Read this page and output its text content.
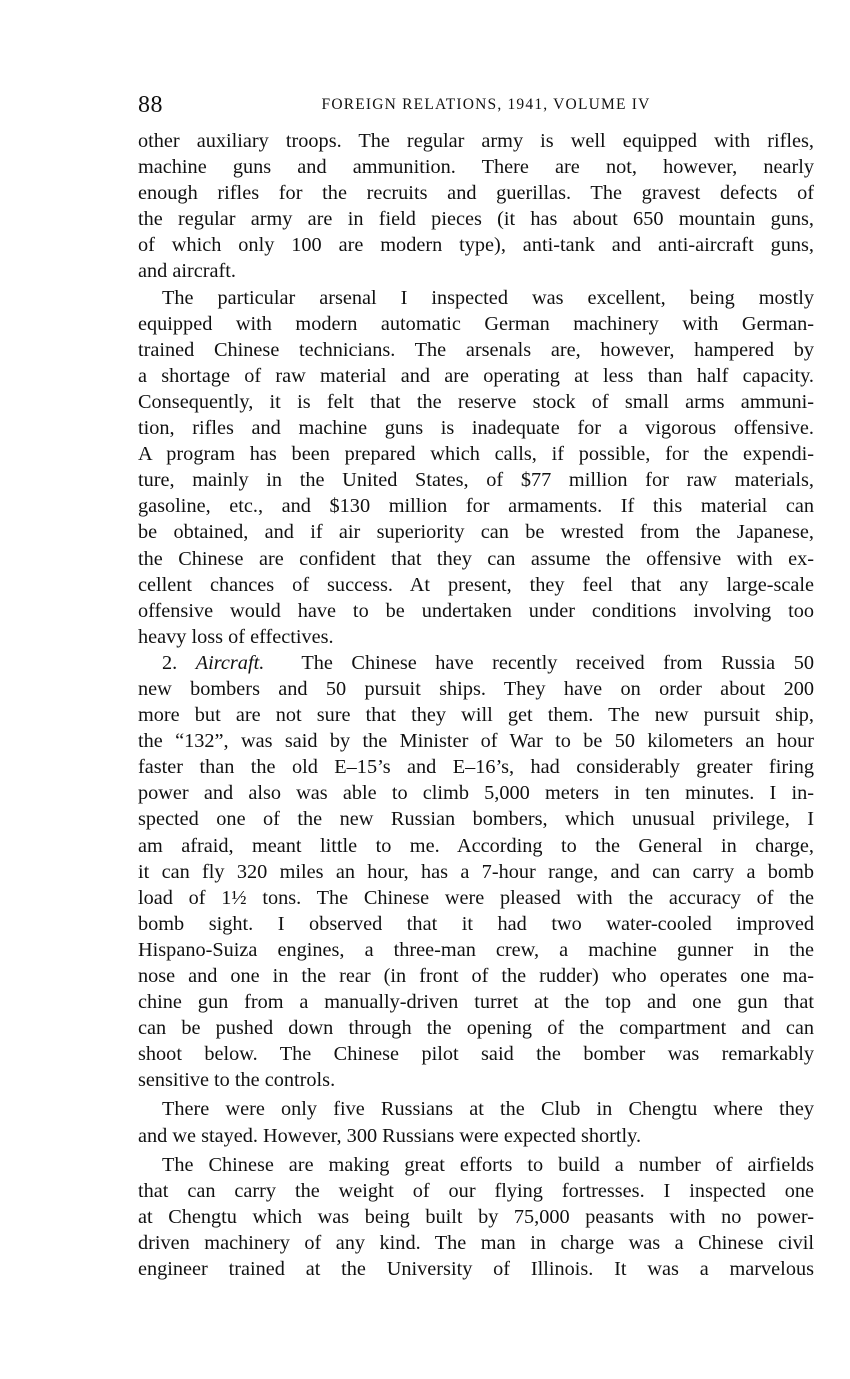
88	FOREIGN RELATIONS, 1941, VOLUME IV

other auxiliary troops. The regular army is well equipped with rifles,
machine guns and ammunition. There are not, however, nearly
enough rifles for the recruits and guerillas. The gravest defects of
the regular army are in field pieces (it has about 650 mountain guns,
of which only 100 are modern type), anti-tank and anti-aircraft guns,
and aircraft.

The particular arsenal I inspected was excellent, being mostly
equipped with modern automatic German machinery with German-
trained Chinese technicians. The arsenals are, however, hampered by
a shortage of raw material and are operating at less than half capacity.
Consequently, it is felt that the reserve stock of small arms ammuni-
tion, rifles and machine guns is inadequate for a vigorous offensive.
A program has been prepared which calls, if possible, for the expendi-
ture, mainly in the United States, of $77 million for raw materials,
gasoline, etc., and $130 million for armaments. If this material can
be obtained, and if air superiority can be wrested from the Japanese,
the Chinese are confident that they can assume the offensive with ex-
cellent chances of success. At present, they feel that any large-scale
offensive would have to be undertaken under conditions involving too
heavy loss of effectives.

2. Aircraft. The Chinese have recently received from Russia 50
new bombers and 50 pursuit ships. They have on order about 200
more but are not sure that they will get them. The new pursuit ship,
the “132”, was said by the Minister of War to be 50 kilometers an hour
faster than the old E–15’s and E–16’s, had considerably greater firing
power and also was able to climb 5,000 meters in ten minutes. I in-
spected one of the new Russian bombers, which unusual privilege, I
am afraid, meant little to me. According to the General in charge,
it can fly 320 miles an hour, has a 7-hour range, and can carry a bomb
load of 1½ tons. The Chinese were pleased with the accuracy of the
bomb sight. I observed that it had two water-cooled improved
Hispano-Suiza engines, a three-man crew, a machine gunner in the
nose and one in the rear (in front of the rudder) who operates one ma-
chine gun from a manually-driven turret at the top and one gun that
can be pushed down through the opening of the compartment and can
shoot below. The Chinese pilot said the bomber was remarkably
sensitive to the controls.

There were only five Russians at the Club in Chengtu where they
and we stayed. However, 300 Russians were expected shortly.

The Chinese are making great efforts to build a number of airfields
that can carry the weight of our flying fortresses. I inspected one
at Chengtu which was being built by 75,000 peasants with no power-
driven machinery of any kind. The man in charge was a Chinese civil
engineer trained at the University of Illinois. It was a marvelous
